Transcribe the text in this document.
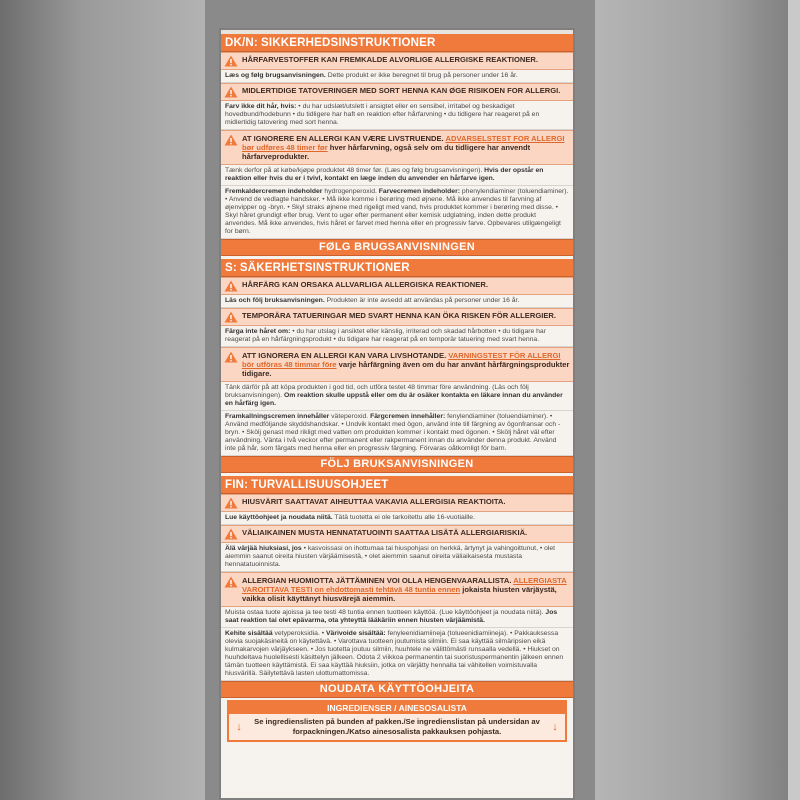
DK/N: SIKKERHEDSINSTRUKTIONER
HÅRFARVESTOFFER KAN FREMKALDE ALVORLIGE ALLERGISKE REAKTIONER.
Læs og følg brugsanvisningen. Dette produkt er ikke beregnet til brug på personer under 16 år.
MIDLERTIDIGE TATOVERINGER MED SORT HENNA KAN ØGE RISIKOEN FOR ALLERGI.
Farv ikke dit hår, hvis: • du har udslæt/utslett i ansigtet eller en sensibel, irritabel og beskadiget hovedbund/hodebunn • du tidligere har haft en reaktion efter hårfarvning • du tidligere har reageret på en midlertidig tatovering med sort henna.
AT IGNORERE EN ALLERGI KAN VÆRE LIVSTRUENDE. ADVARSELSTEST FOR ALLERGI bør udføres 48 timer før hver hårfarvning, også selv om du tidligere har anvendt hårfarveprodukter.
Tænk derfor på at købe/kjøpe produktet 48 timer før. (Læs og følg brugsanvisningen). Hvis der opstår en reaktion eller hvis du er i tvivl, kontakt en læge inden du anvender en hårfarve igen.
Fremkaldercremen indeholder hydrogenperoxid. Farvecremen indeholder: phenylendiaminer (toluendiaminer). • Anvend de vedlagte handsker. • Må ikke komme i berøring med øjnene. Må ikke anvendes til farvning af øjenvipper og -bryn. • Skyl straks øjnene med rigeligt med vand, hvis produktet kommer i berøring med disse. • Skyl håret grundigt efter brug. Vent to uger efter permanent eller kemisk udglatning, inden dette produkt anvendes. Må ikke anvendes, hvis håret er farvet med henna eller en progressiv farve. Opbevares utilgængeligt for børn.
FØLG BRUGSANVISNINGEN
S: SÄKERHETSINSTRUKTIONER
HÅRFÄRG KAN ORSAKA ALLVARLIGA ALLERGISKA REAKTIONER.
Läs och följ bruksanvisningen. Produkten är inte avsedd att användas på personer under 16 år.
TEMPORÄRA TATUERINGAR MED SVART HENNA KAN ÖKA RISKEN FÖR ALLERGIER.
Färga inte håret om: • du har utslag i ansiktet eller känslig, irriterad och skadad hårbotten • du tidigare har reagerat på en hårfärgningsprodukt • du tidigare har reagerat på en temporär tatuering med svart henna.
ATT IGNORERA EN ALLERGI KAN VARA LIVSHOTANDE. VARNINGSTEST FÖR ALLERGI bör utföras 48 timmar före varje hårfärgning även om du har använt hårfärgningsprodukter tidigare.
Tänk därför på att köpa produkten i god tid, och utföra testet 48 timmar före användning. (Läs och följ bruksanvisningen). Om reaktion skulle uppstå eller om du är osäker kontakta en läkare innan du använder en hårfärg igen.
Framkallningscremen innehåller väteperoxid. Färgcremen innehåller: fenylendiaminer (toluendiaminer). • Använd medföljande skyddshandskar. • Undvik kontakt med ögon, använd inte till färgning av ögonfransar och -bryn. • Skölj genast med rikligt med vatten om produkten kommer i kontakt med ögonen. • Skölj håret väl efter användning. Vänta i två veckor efter permanent eller rakpermanent innan du använder denna produkt. Använd inte på hår, som färgats med henna eller en progressiv färgning. Förvaras oåtkomligt för barn.
FÖLJ BRUKSANVISNINGEN
FIN: TURVALLISUUSOHJEET
HIUSVÄRIT SAATTAVAT AIHEUTTAA VAKAVIA ALLERGISIA REAKTIOITA.
Lue käyttöohjeet ja noudata niitä. Tätä tuotetta ei ole tarkoitettu alle 16-vuotiaille.
VÄLIAIKAINEN MUSTA HENNATATUOINTI SAATTAA LISÄTÄ ALLERGIARISKIÄ.
Älä värjää hiuksiasi, jos • kasvoissasi on ihottumaa tai hiuspohjasi on herkkä, ärtynyt ja vahingoittunut, • olet aiemmin saanut oireita hiusten värjäämisestä, • olet aiemmin saanut oireita väliaikaisesta mustasta hennatatuoinnista.
ALLERGIAN HUOMIOTTA JÄTTÄMINEN VOI OLLA HENGENVAARALLISTA. ALLERGIASTA VAROITTAVA TESTI on ehdottomasti tehtävä 48 tuntia ennen jokaista hiusten värjäystä, vaikka olisit käyttänyt hiusvärejä aiemmin.
Muista ostaa tuote ajoissa ja tee testi 48 tuntia ennen tuotteen käyttöä. (Lue käyttöohjeet ja noudata niitä). Jos saat reaktion tai olet epävarma, ota yhteyttä lääkäriin ennen hiusten värjäämistä.
Kehite sisältää vetyperoksidia. • Värivoide sisältää: fenyleenidiamiineja (tolueenidiamiineja). • Pakkauksessa olevia suojakäsineitä on käytettävä. • Varottava tuotteen joutumista silmiin. Ei saa käyttää silmäripsien eikä kulmakarvojen värjäykseen. • Jos tuotetta joutuu silmiin, huuhtele ne välittömästi runsaalla vedellä. • Hiukset on huuhdeltava huolellisesti käsittelyn jälkeen. Odota 2 viikkoa permanentin tai suoristuspermanentin jälkeen ennen tämän tuotteen käyttämistä. Ei saa käyttää hiuksiin, jotka on värjätty hennalla tai vähitellen voimistuvalla hiusvärillä. Säilytettävä lasten ulottumattomissa.
NOUDATA KÄYTTÖOHJEITA
INGREDIENSER / AINESOSALISTA
↓	Se ingredienslisten på bunden af pakken./Se ingredienslistan på undersidan av forpackningen./Katso ainesosalista pakkauksen pohjasta.	↓
